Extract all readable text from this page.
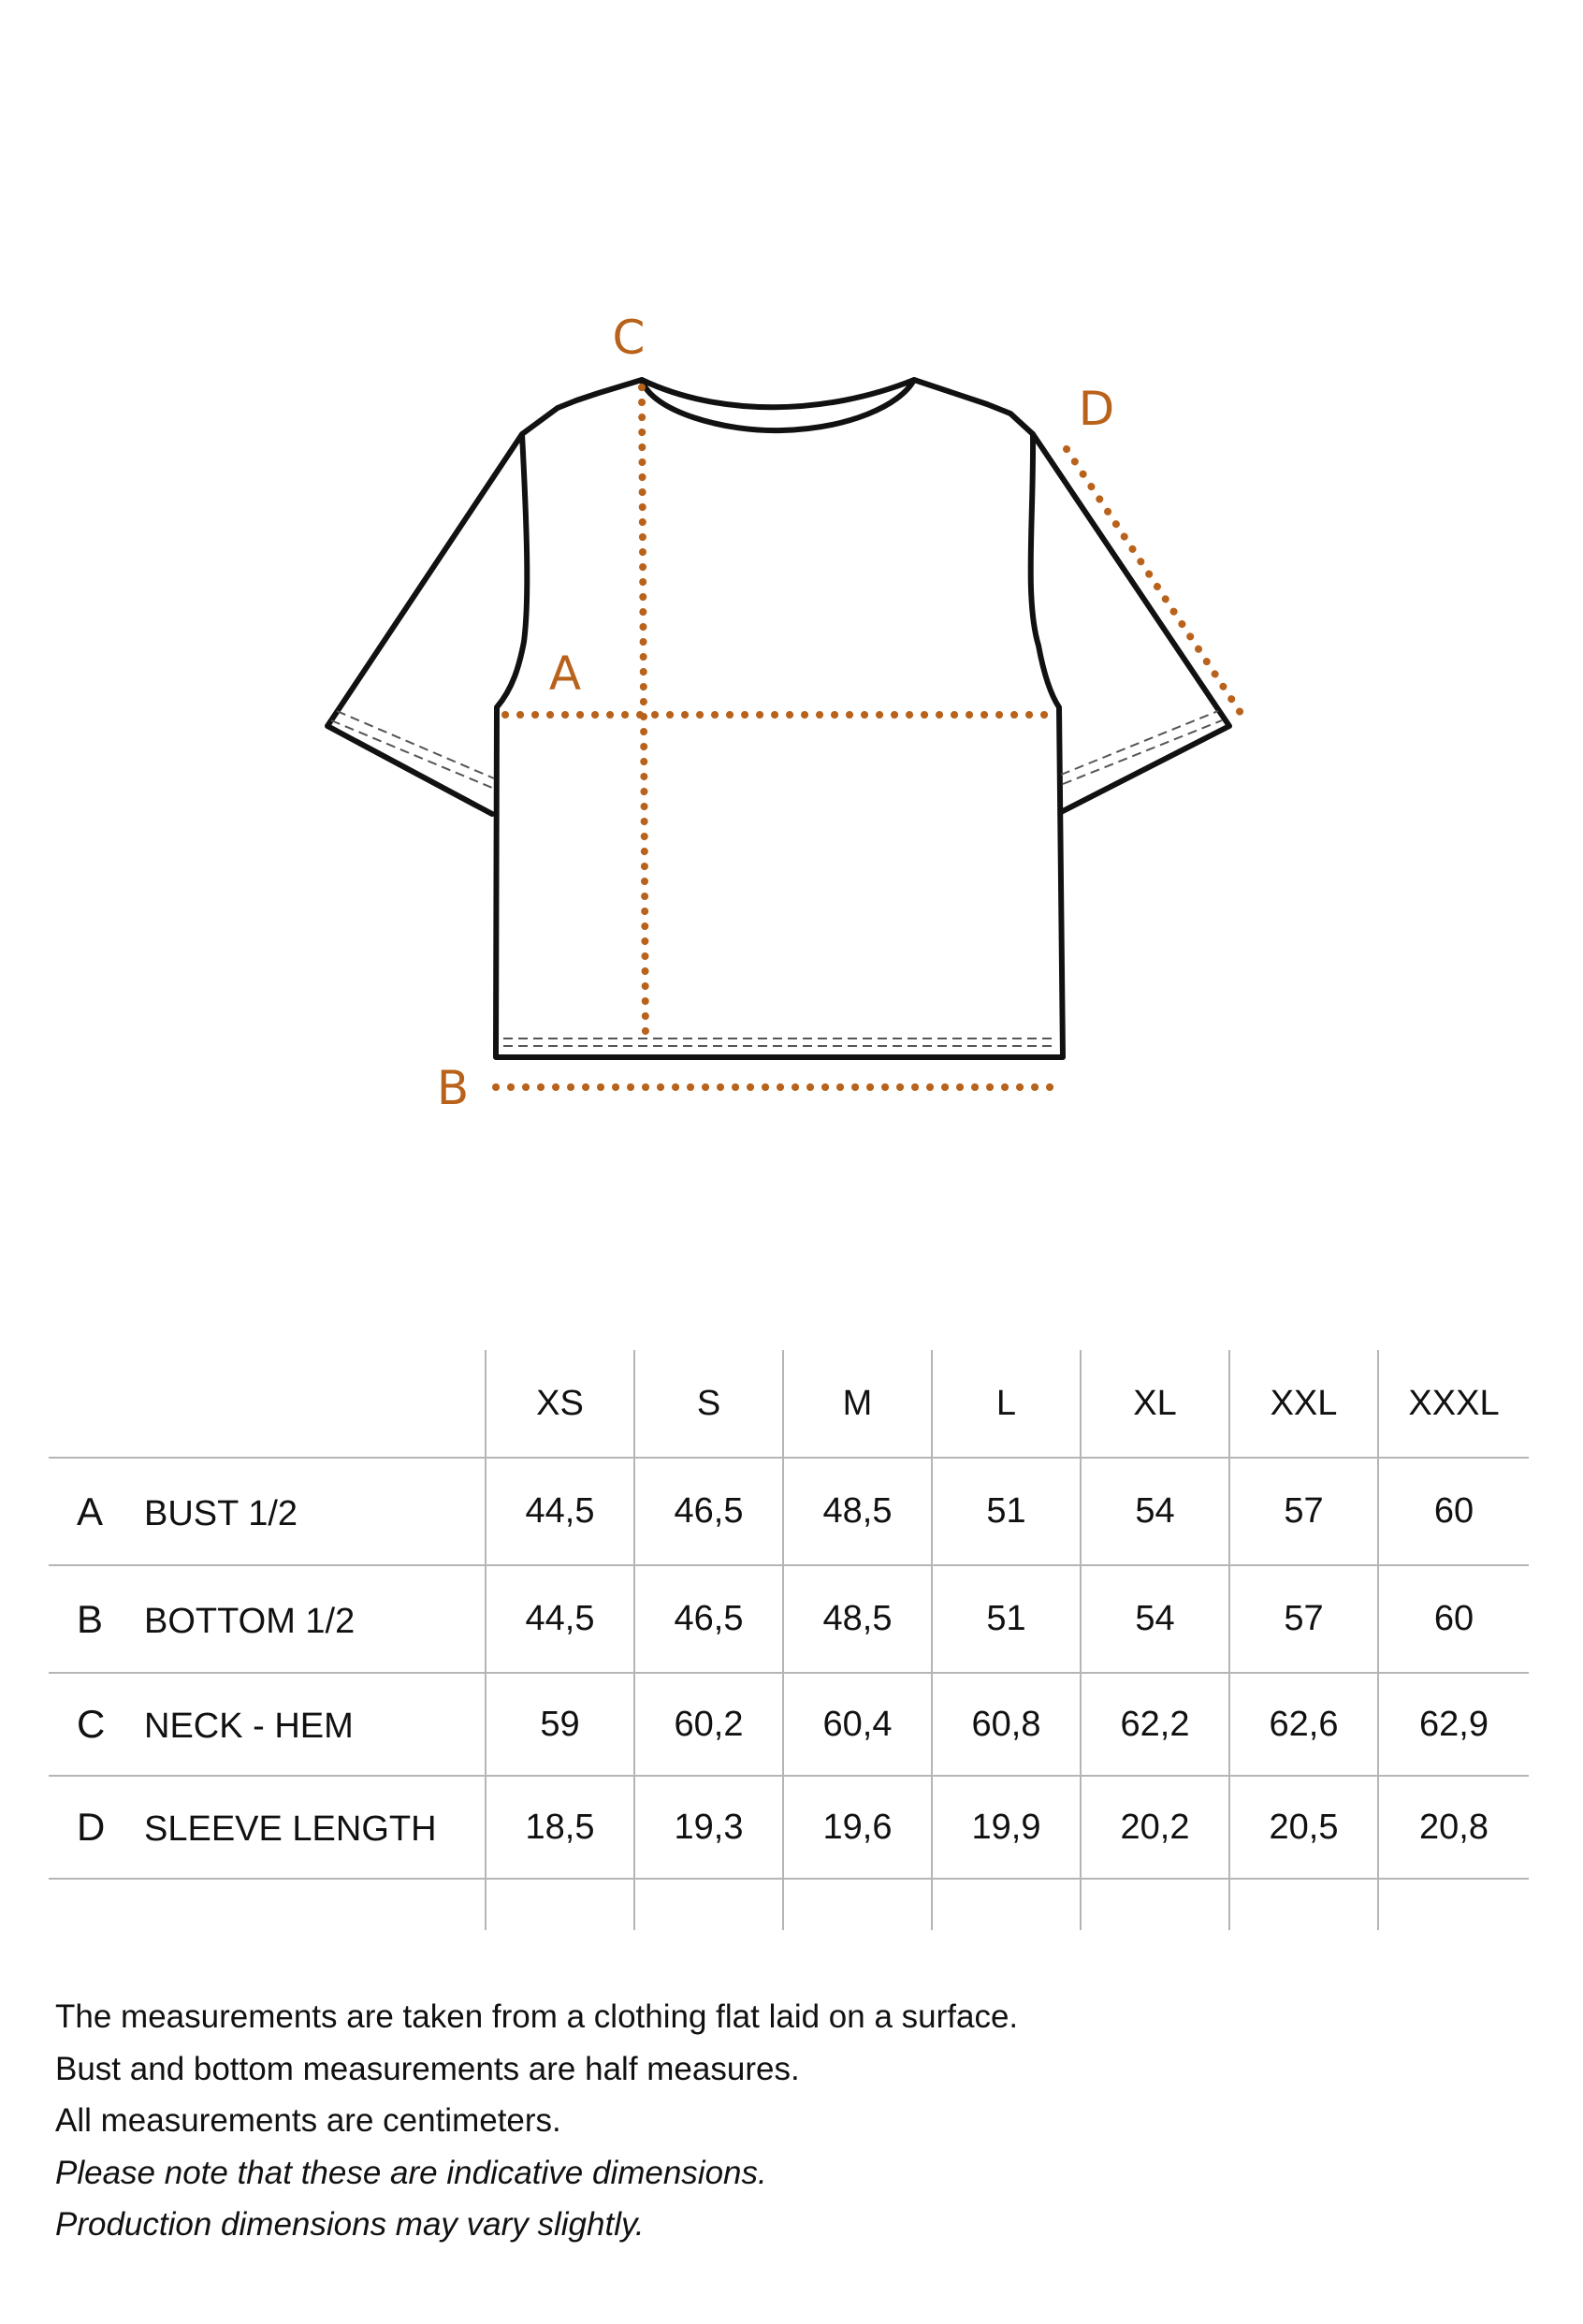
A
B
C
D
	XS	S	M	L	XL	XXL	XXXL
A BUST 1/2	44,5	46,5	48,5	51	54	57	60
B BOTTOM 1/2	44,5	46,5	48,5	51	54	57	60
C NECK - HEM	59	60,2	60,4	60,8	62,2	62,6	62,9
D SLEEVE LENGTH	18,5	19,3	19,6	19,9	20,2	20,5	20,8

The measurements are taken from a clothing flat laid on a surface.

Bust and bottom measurements are half measures.

All measurements are centimeters.

Please note that these are indicative dimensions.

Production dimensions may vary slightly.
